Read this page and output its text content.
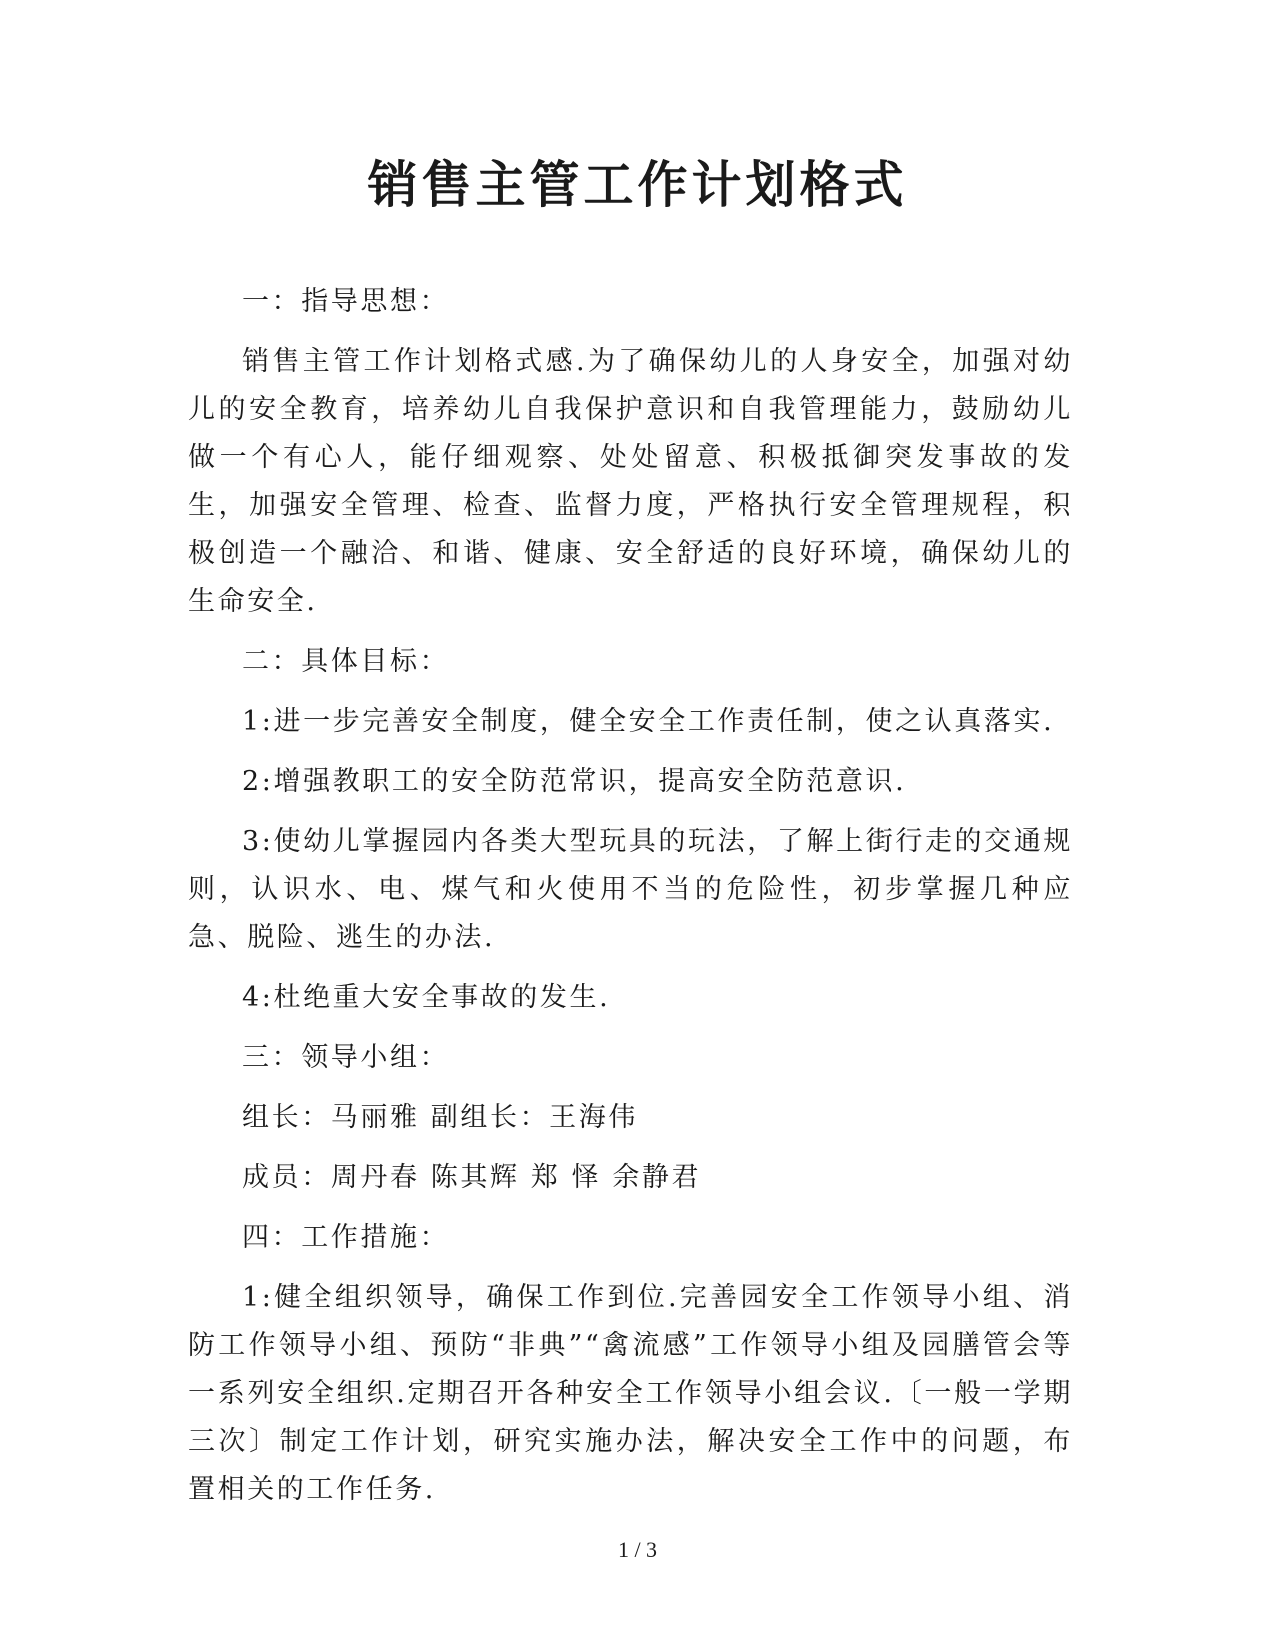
销售主管工作计划格式

一：指导思想：

销售主管工作计划格式感.为了确保幼儿的人身安全，加强对幼儿的安全教育，培养幼儿自我保护意识和自我管理能力，鼓励幼儿做一个有心人，能仔细观察、处处留意、积极抵御突发事故的发生，加强安全管理、检查、监督力度，严格执行安全管理规程，积极创造一个融洽、和谐、健康、安全舒适的良好环境，确保幼儿的生命安全.

二：具体目标：

1:进一步完善安全制度，健全安全工作责任制，使之认真落实.

2:增强教职工的安全防范常识，提高安全防范意识.

3:使幼儿掌握园内各类大型玩具的玩法，了解上街行走的交通规则，认识水、电、煤气和火使用不当的危险性，初步掌握几种应急、脱险、逃生的办法.

4:杜绝重大安全事故的发生.

三：领导小组：

组长：马丽雅 副组长：王海伟

成员：周丹春 陈其辉 郑 怿 余静君

四：工作措施：

1:健全组织领导，确保工作到位.完善园安全工作领导小组、消防工作领导小组、预防“非典”“禽流感”工作领导小组及园膳管会等一系列安全组织.定期召开各种安全工作领导小组会议.〔一般一学期三次〕制定工作计划，研究实施办法，解决安全工作中的问题，布置相关的工作任务.

1 / 3
